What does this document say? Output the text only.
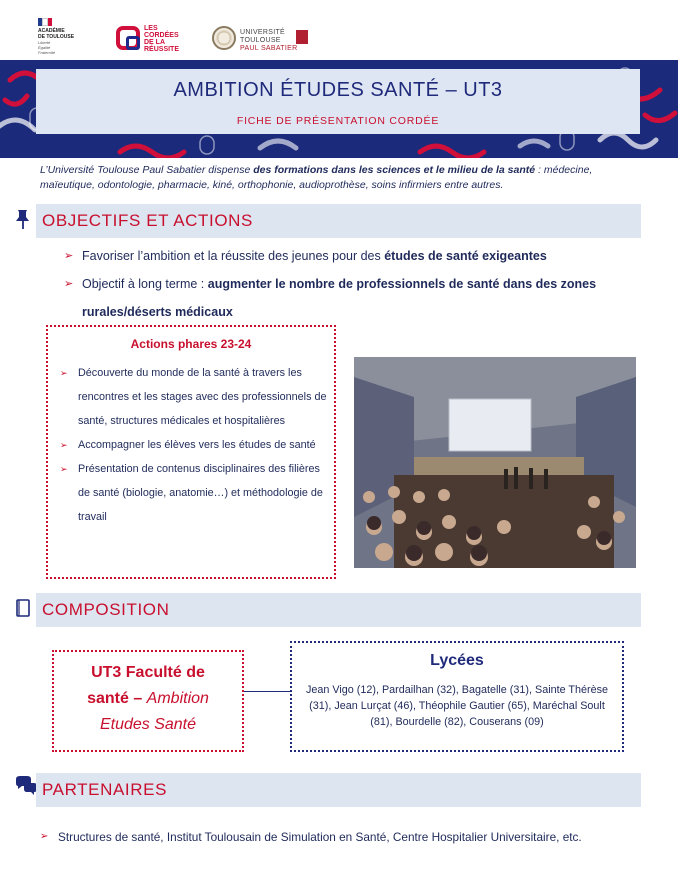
ACADÉMIE
DE TOULOUSE
Liberté
Égalité
Fraternité
LES
CORDÉES
DE LA
RÉUSSITE
UNIVERSITÉ
TOULOUSE
PAUL SABATIER
AMBITION ÉTUDES SANTÉ – UT3
FICHE DE PRÉSENTATION CORDÉE
L’Université Toulouse Paul Sabatier dispense des formations dans les sciences et le milieu de la santé : médecine, maïeutique, odontologie, pharmacie, kiné, orthophonie, audioprothèse, soins infirmiers entre autres.
OBJECTIFS ET ACTIONS
➢ Favoriser l’ambition et la réussite des jeunes pour des études de santé exigeantes
➢ Objectif à long terme : augmenter le nombre de professionnels de santé dans des zones rurales/déserts médicaux
Actions phares 23-24
➢ Découverte du monde de la santé à travers les rencontres et les stages avec des professionnels de santé, structures médicales et hospitalières
➢ Accompagner les élèves vers les études de santé
➢ Présentation de contenus disciplinaires des filières de santé (biologie, anatomie…) et méthodologie de travail
COMPOSITION
UT3 Faculté de
santé – Ambition
Etudes Santé
Lycées
Jean Vigo (12), Pardailhan (32), Bagatelle (31), Sainte Thérèse (31), Jean Lurçat (46), Théophile Gautier (65), Maréchal Soult (81), Bourdelle (82), Couserans (09)
PARTENAIRES
➢ Structures de santé, Institut Toulousain de Simulation en Santé, Centre Hospitalier Universitaire, etc.
